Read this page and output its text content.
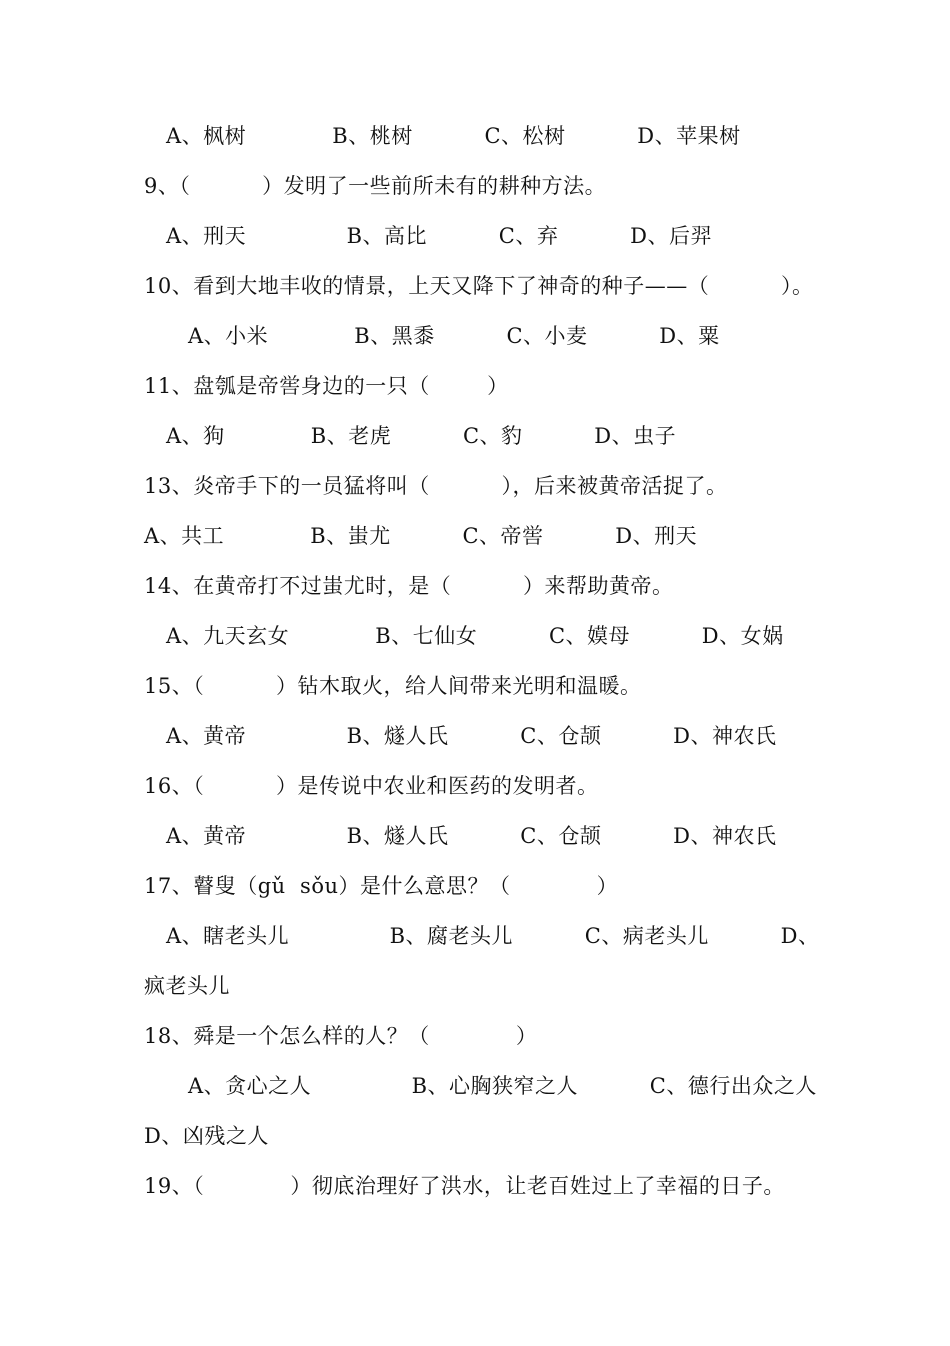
A、枫树            B、桃树          C、松树          D、苹果树
9、（          ）发明了一些前所未有的耕种方法。
A、刑天              B、高比          C、弃          D、后羿
10、看到大地丰收的情景，上天又降下了神奇的种子——（          ）。
A、小米            B、黑黍          C、小麦          D、粟
11、盘瓠是帝喾身边的一只（        ）
A、狗            B、老虎          C、豹          D、虫子
13、炎帝手下的一员猛将叫（          ），后来被黄帝活捉了。
A、共工            B、蚩尤          C、帝喾          D、刑天
14、在黄帝打不过蚩尤时，是（          ）来帮助黄帝。
A、九天玄女            B、七仙女          C、嫫母          D、女娲
15、（          ）钻木取火，给人间带来光明和温暖。
A、黄帝              B、燧人氏          C、仓颉          D、神农氏
16、（          ）是传说中农业和医药的发明者。
A、黄帝              B、燧人氏          C、仓颉          D、神农氏
17、瞽叟（gǔ  sǒu）是什么意思？（            ）
A、瞎老头儿              B、腐老头儿          C、病老头儿          D、
疯老头儿
18、舜是一个怎么样的人？（            ）
A、贪心之人              B、心胸狭窄之人          C、德行出众之人
D、凶残之人
19、（            ）彻底治理好了洪水，让老百姓过上了幸福的日子。
